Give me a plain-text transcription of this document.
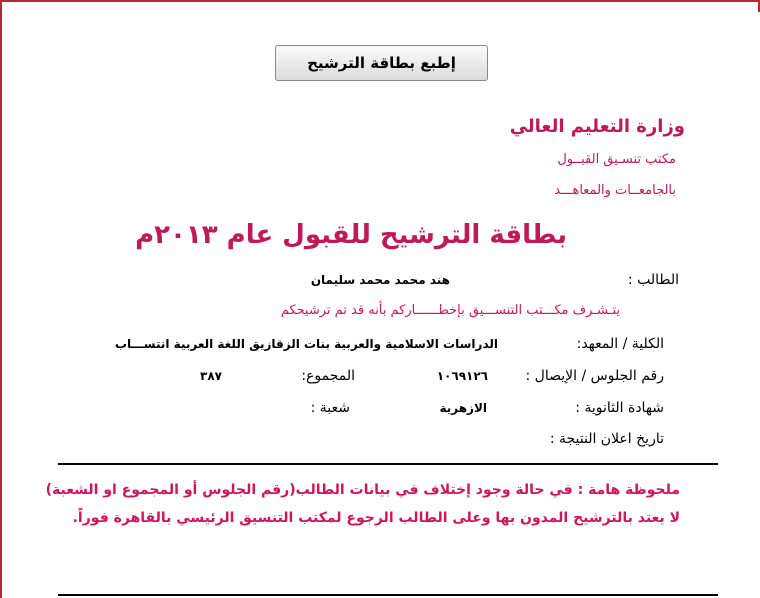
إطبع بطاقة الترشيح
وزارة التعليم العالي
مكتب تنسـيق القبــول
بالجامعــات والمعاهـــد
بطاقة الترشيح للقبول عام ٢٠١٣م
الطالب :
هند محمد محمد سليمان
يتـشـرف مكـــتب التنســـيق بإخطــــــاركم بأنه قد تم ترشيحكم
الكلية / المعهد:
الدراسات الاسلامية والعربية بنات الزقازيق اللغة العربية انتســـاب
رقم الجلوس / الإيصال :
١٠٦٩١٢٦
المجموع:
٣٨٧
شهادة الثانوية :
الازهرية
شعبة :
تاريخ اعلان النتيجة :
ملحوظة هامة : في حالة وجود إختلاف في بيانات الطالب(رقم الجلوس أو المجموع او الشعبة)
لا يعتد بالترشيح المدون بها وعلى الطالب الرجوع لمكتب التنسيق الرئيسي بالقاهرة فوراً.
